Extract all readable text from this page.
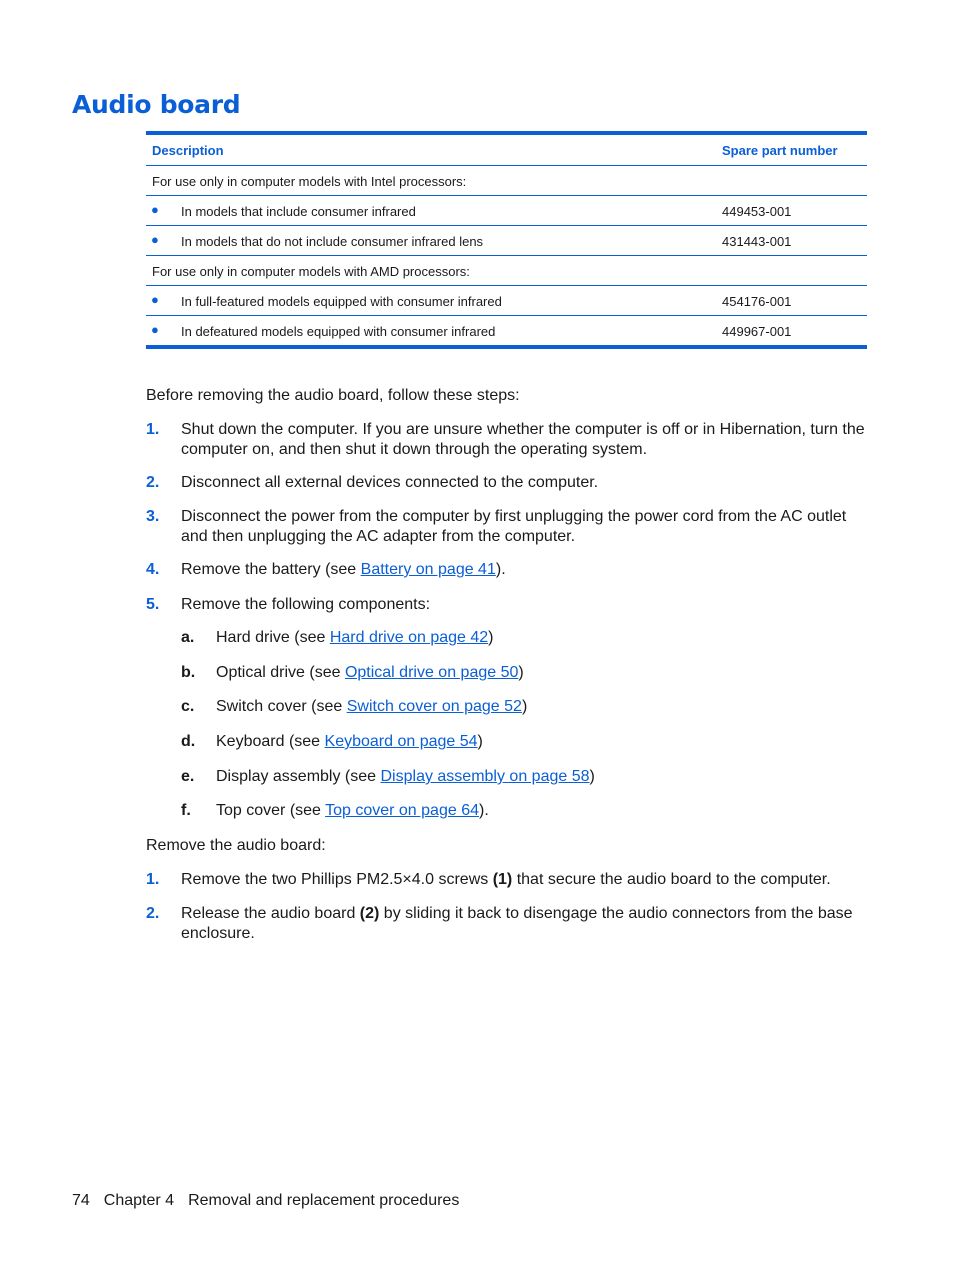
Audio board
Description	Spare part number
For use only in computer models with Intel processors:
● In models that include consumer infrared	449453-001
● In models that do not include consumer infrared lens	431443-001
For use only in computer models with AMD processors:
● In full-featured models equipped with consumer infrared	454176-001
● In defeatured models equipped with consumer infrared	449967-001

Before removing the audio board, follow these steps:

1. Shut down the computer. If you are unsure whether the computer is off or in Hibernation, turn the computer on, and then shut it down through the operating system.
2. Disconnect all external devices connected to the computer.
3. Disconnect the power from the computer by first unplugging the power cord from the AC outlet and then unplugging the AC adapter from the computer.
4. Remove the battery (see Battery on page 41).
5. Remove the following components:
a. Hard drive (see Hard drive on page 42)
b. Optical drive (see Optical drive on page 50)
c. Switch cover (see Switch cover on page 52)
d. Keyboard (see Keyboard on page 54)
e. Display assembly (see Display assembly on page 58)
f. Top cover (see Top cover on page 64).

Remove the audio board:

1. Remove the two Phillips PM2.5×4.0 screws (1) that secure the audio board to the computer.
2. Release the audio board (2) by sliding it back to disengage the audio connectors from the base enclosure.
74 Chapter 4 Removal and replacement procedures
